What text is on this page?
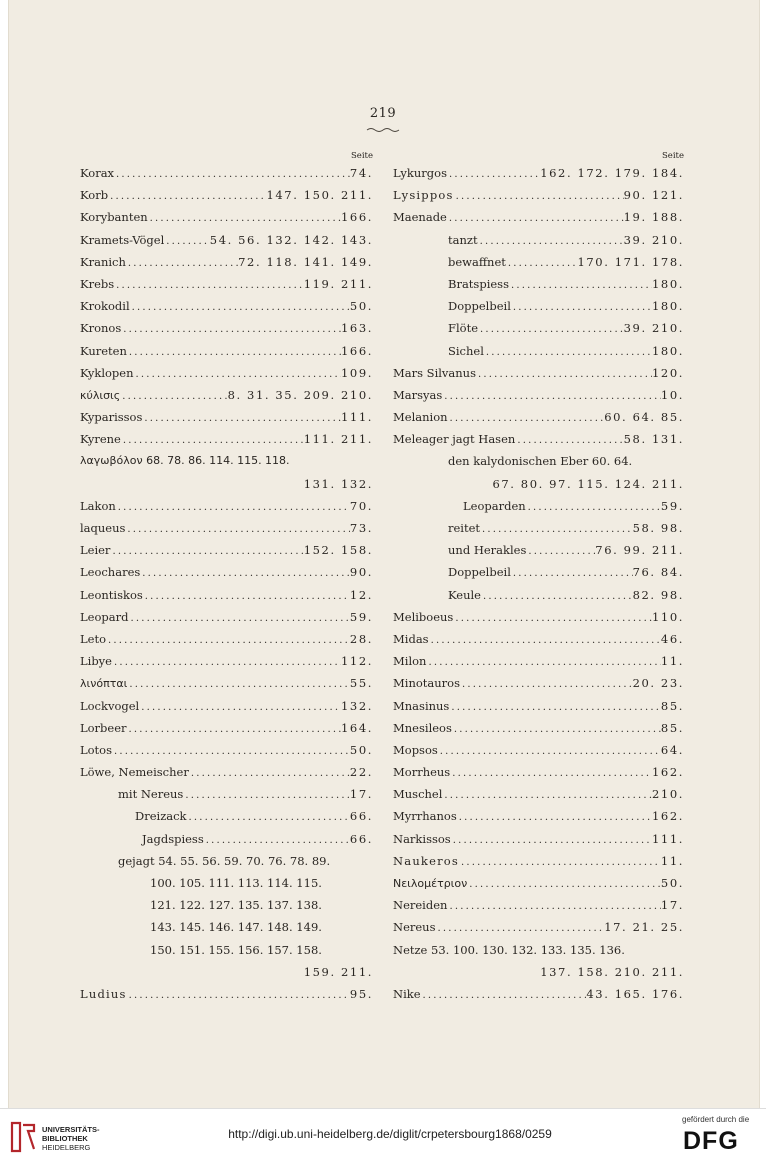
219
Seite
Korax .....	74.
Korb .....	147. 150. 211.
Korybanten .....	166.
Kramets-Vögel .....	54. 56. 132. 142. 143.
Kranich .....	72. 118. 141. 149.
Krebs .....	119. 211.
Krokodil .....	50.
Kronos .....	163.
Kureten .....	166.
Kyklopen .....	109.
κύλισις .....	8. 31. 35. 209. 210.
Kyparissos .....	111.
Kyrene .....	111. 211.
λαγωβόλον 68. 78. 86. 114. 115. 118.
131. 132.
Lakon .....	70.
laqueus .....	73.
Leier .....	152. 158.
Leochares .....	90.
Leontiskos .....	12.
Leopard .....	59.
Leto .....	28.
Libye .....	112.
λινόπται .....	55.
Lockvogel .....	132.
Lorbeer .....	164.
Lotos .....	50.
Löwe, Nemeischer .....	22.
mit Nereus .....	17.
Dreizack .....	66.
Jagdspiess .....	66.
gejagt 54. 55. 56. 59. 70. 76. 78. 89.
100. 105. 111. 113. 114. 115.
121. 122. 127. 135. 137. 138.
143. 145. 146. 147. 148. 149.
150. 151. 155. 156. 157. 158.
159. 211.
Ludius .....	95.
Seite
Lykurgos .....	162. 172. 179. 184.
Lysippos .....	90. 121.
Maenade .....	19. 188.
tanzt .....	39. 210.
bewaffnet .....	170. 171. 178.
Bratspiess .....	180.
Doppelbeil .....	180.
Flöte .....	39. 210.
Sichel .....	180.
Mars Silvanus .....	120.
Marsyas .....	10.
Melanion .....	60. 64. 85.
Meleager jagt Hasen .....	58. 131.
den kalydonischen Eber 60. 64.
67. 80. 97. 115. 124. 211.
Leoparden .....	59.
reitet .....	58. 98.
und Herakles .....	76. 99. 211.
Doppelbeil .....	76. 84.
Keule .....	82. 98.
Meliboeus .....	110.
Midas .....	46.
Milon .....	11.
Minotauros .....	20. 23.
Mnasinus .....	85.
Mnesileos .....	85.
Mopsos .....	64.
Morrheus .....	162.
Muschel .....	210.
Myrrhanos .....	162.
Narkissos .....	111.
Naukeros .....	11.
Νειλομέτριον .....	50.
Nereiden .....	17.
Nereus .....	17. 21. 25.
Netze 53. 100. 130. 132. 133. 135. 136.
137. 158. 210. 211.
Nike .....	43. 165. 176.
UNIVERSITÄTS-
BIBLIOTHEK
HEIDELBERG
http://digi.ub.uni-heidelberg.de/diglit/crpetersbourg1868/0259
gefördert durch die
DFG
